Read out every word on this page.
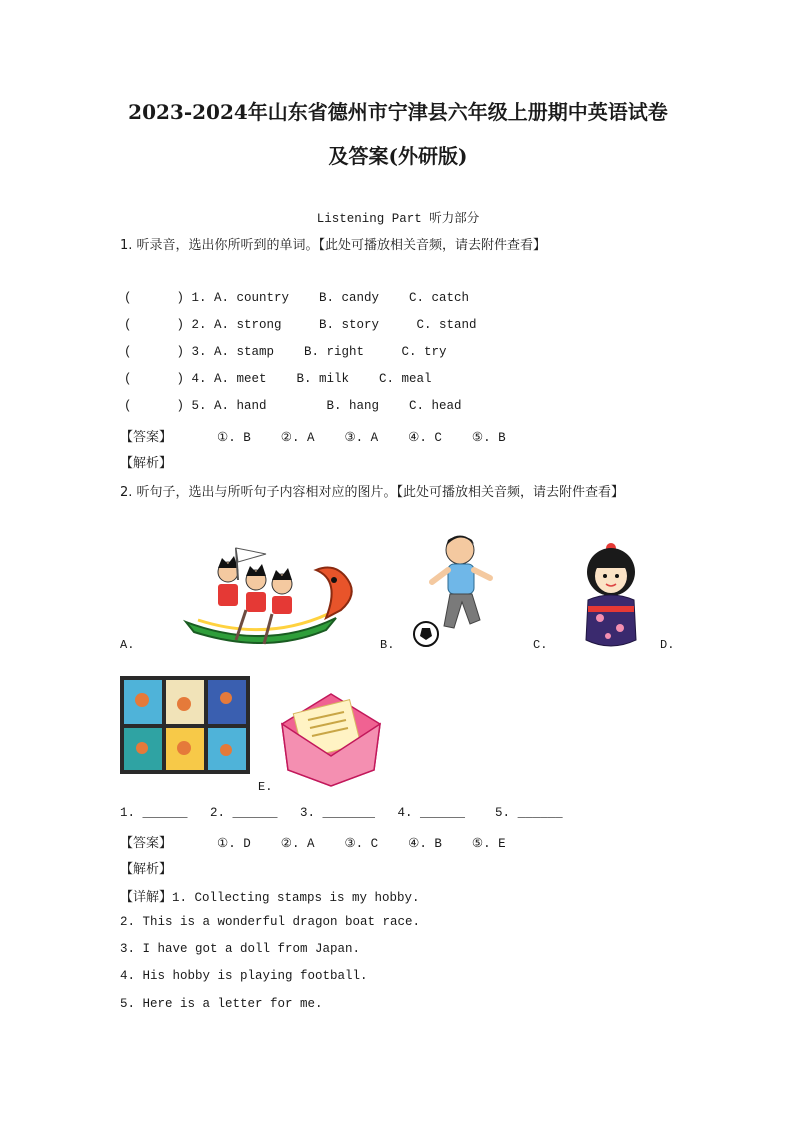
2023-2024年山东省德州市宁津县六年级上册期中英语试卷
及答案(外研版)
Listening Part 听力部分
1. 听录音，选出你所听到的单词。【此处可播放相关音频，请去附件查看】
(      ) 1. A. country    B. candy    C. catch
(      ) 2. A. strong     B. story     C. stand
(      ) 3. A. stamp    B. right     C. try
(      ) 4. A. meet    B. milk    C. meal
(      ) 5. A. hand        B. hang    C. head
【答案】	①. B    ②. A    ③. A    ④. C    ⑤. B
【解析】
2. 听句子，选出与所听句子内容相对应的图片。【此处可播放相关音频，请去附件查看】
A.	B.	C.	D.
E.
1. ______   2. ______   3. _______   4. ______    5. ______
【答案】	①. D    ②. A    ③. C    ④. B    ⑤. E
【解析】
【详解】1. Collecting stamps is my hobby.
2. This is a wonderful dragon boat race.
3. I have got a doll from Japan.
4. His hobby is playing football.
5. Here is a letter for me.
